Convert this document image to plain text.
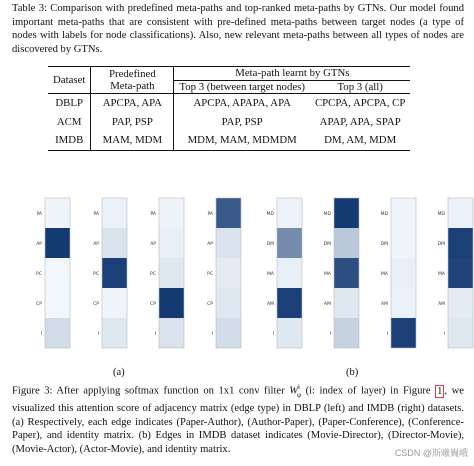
Table 3: Comparison with predefined meta-paths and top-ranked meta-paths by GTNs. Our model found important meta-paths that are consistent with pre-defined meta-paths between target nodes (a type of nodes with labels for node classifications). Also, new relevant meta-paths between all types of nodes are discovered by GTNs.

Dataset	Predefined Meta-path	Meta-path learnt by GTNs	
		Top 3 (between target nodes)	Top 3 (all)
DBLP	APCPA, APA	APCPA, APAPA, APA	CPCPA, APCPA, CP
ACM	PAP, PSP	PAP, PSP	APAP, APA, SPAP
IMDB	MAM, MDM	MDM, MAM, MDMDM	DM, AM, MDM
PA
AP
PC
CP
I
PA
AP
PC
CP
I
PA
AP
PC
CP
I
PA
AP
PC
CP
I
MD
DM
MA
AM
I
MD
DM
MA
AM
I
MD
DM
MA
AM
I
MD
DM
MA
AM
I
(a)	(b)

Figure 3: After applying softmax function on 1x1 conv filter $W^i_\varphi$ (i: index of layer) in Figure 1 , we visualized this attention score of adjacency matrix (edge type) in DBLP (left) and IMDB (right) datasets. (a) Respectively, each edge indicates (Paper-Author), (Author-Paper), (Paper-Conference), (Conference-Paper), and identity matrix. (b) Edges in IMDB dataset indicates (Movie-Director), (Director-Movie), (Movie-Actor), (Actor-Movie), and identity matrix.	CSDN @斯曦巍峨
